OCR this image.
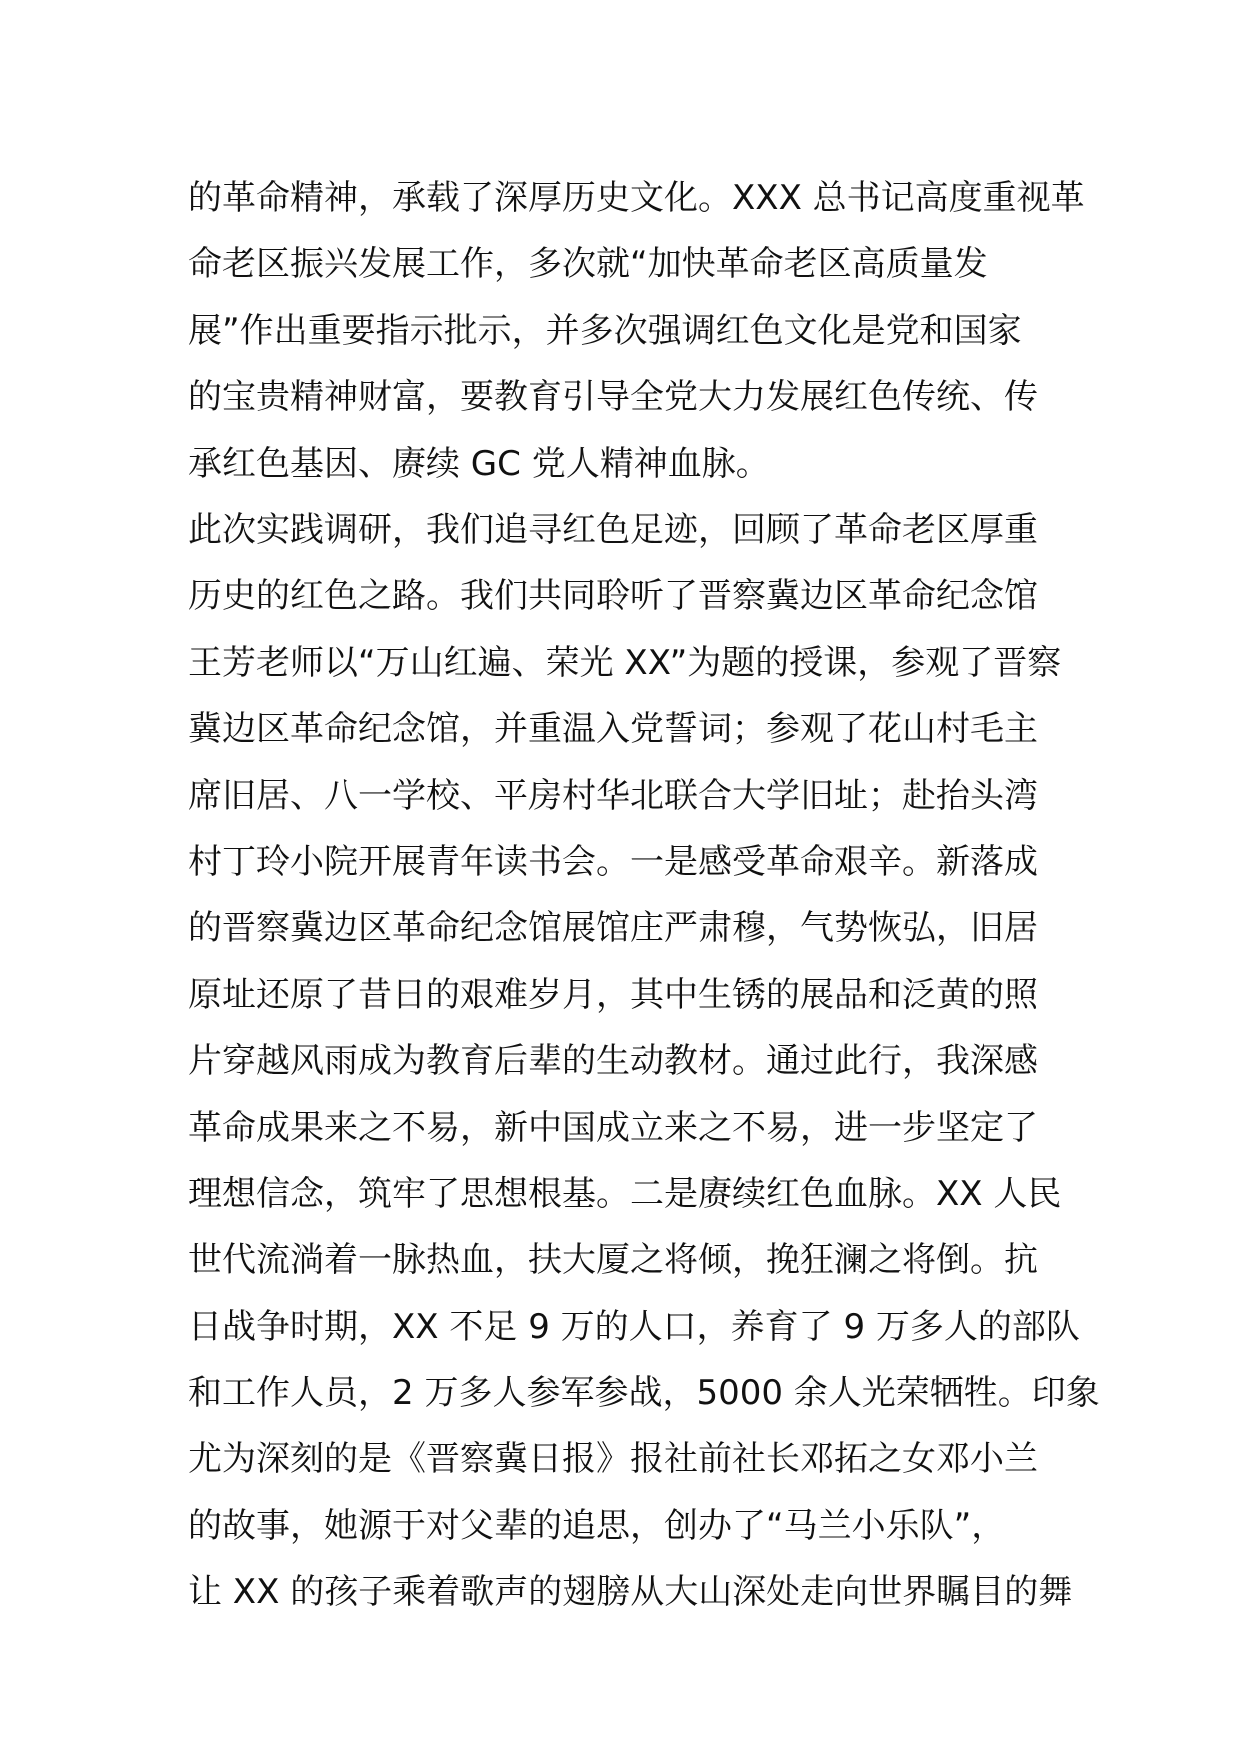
的革命精神，承载了深厚历史文化。XXX 总书记高度重视革
命老区振兴发展工作，多次就“加快革命老区高质量发
展”作出重要指示批示，并多次强调红色文化是党和国家
的宝贵精神财富，要教育引导全党大力发展红色传统、传
承红色基因、赓续 GC 党人精神血脉。
此次实践调研，我们追寻红色足迹，回顾了革命老区厚重
历史的红色之路。我们共同聆听了晋察冀边区革命纪念馆
王芳老师以“万山红遍、荣光 XX”为题的授课，参观了晋察
冀边区革命纪念馆，并重温入党誓词；参观了花山村毛主
席旧居、八一学校、平房村华北联合大学旧址；赴抬头湾
村丁玲小院开展青年读书会。一是感受革命艰辛。新落成
的晋察冀边区革命纪念馆展馆庄严肃穆，气势恢弘，旧居
原址还原了昔日的艰难岁月，其中生锈的展品和泛黄的照
片穿越风雨成为教育后辈的生动教材。通过此行，我深感
革命成果来之不易，新中国成立来之不易，进一步坚定了
理想信念，筑牢了思想根基。二是赓续红色血脉。XX 人民
世代流淌着一脉热血，扶大厦之将倾，挽狂澜之将倒。抗
日战争时期，XX 不足 9 万的人口，养育了 9 万多人的部队
和工作人员，2 万多人参军参战，5000 余人光荣牺牲。印象
尤为深刻的是《晋察冀日报》报社前社长邓拓之女邓小兰
的故事，她源于对父辈的追思，创办了“马兰小乐队”，
让 XX 的孩子乘着歌声的翅膀从大山深处走向世界瞩目的舞
